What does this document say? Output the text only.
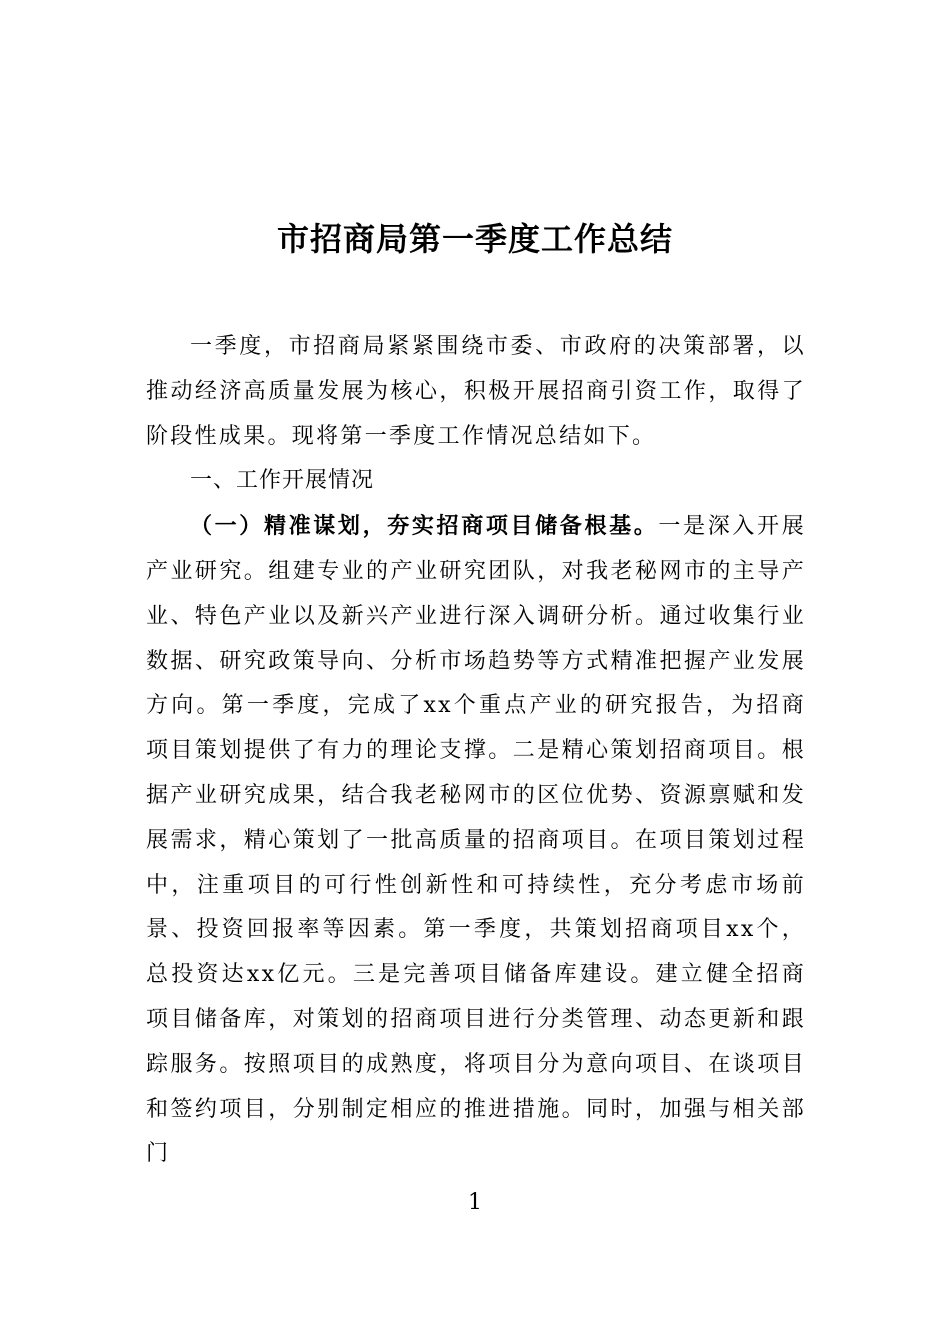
市招商局第一季度工作总结

一季度，市招商局紧紧围绕市委、市政府的决策部署，以推动经济高质量发展为核心，积极开展招商引资工作，取得了阶段性成果。现将第一季度工作情况总结如下。

一、工作开展情况

（一）精准谋划，夯实招商项目储备根基。一是深入开展产业研究。组建专业的产业研究团队，对我老秘网市的主导产业、特色产业以及新兴产业进行深入调研分析。通过收集行业数据、研究政策导向、分析市场趋势等方式精准把握产业发展方向。第一季度，完成了xx个重点产业的研究报告，为招商项目策划提供了有力的理论支撑。二是精心策划招商项目。根据产业研究成果，结合我老秘网市的区位优势、资源禀赋和发展需求，精心策划了一批高质量的招商项目。在项目策划过程中，注重项目的可行性创新性和可持续性，充分考虑市场前景、投资回报率等因素。第一季度，共策划招商项目xx个，总投资达xx亿元。三是完善项目储备库建设。建立健全招商项目储备库，对策划的招商项目进行分类管理、动态更新和跟踪服务。按照项目的成熟度，将项目分为意向项目、在谈项目和签约项目，分别制定相应的推进措施。同时，加强与相关部门

1
